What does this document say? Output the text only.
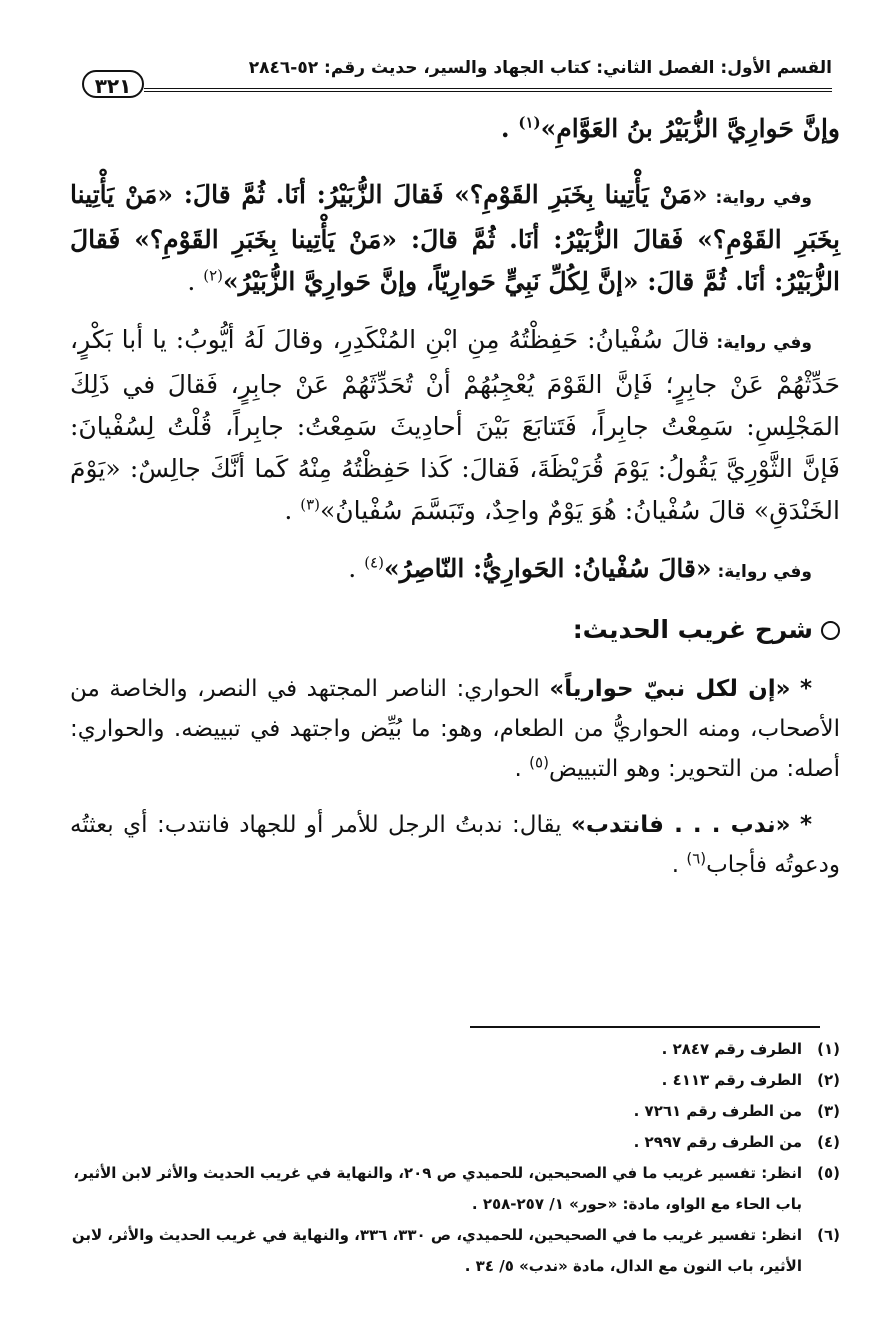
القسم الأول: الفصل الثاني: كتاب الجهاد والسير، حديث رقم: ٥٢-٢٨٤٦
٣٢١

وإنَّ حَوارِيَّ الزُّبَيْرُ بنُ العَوَّامِ»$^{(١)}$ .

وفي رواية: «مَنْ يَأْتِينا بِخَبَرِ القَوْمِ؟» فَقالَ الزُّبَيْرُ: أنَا. ثُمَّ قالَ: «مَنْ يَأْتِينا بِخَبَرِ القَوْمِ؟» فَقالَ الزُّبَيْرُ: أنَا. ثُمَّ قالَ: «مَنْ يَأْتِينا بِخَبَرِ القَوْمِ؟» فَقالَ الزُّبَيْرُ: أنَا. ثُمَّ قالَ: «إنَّ لِكُلِّ نَبِيٍّ حَوارِيّاً، وإنَّ حَوارِيَّ الزُّبَيْرُ»$^{(٢)}$ .

وفي رواية: قالَ سُفْيانُ: حَفِظْتُهُ مِنِ ابْنِ المُنْكَدِرِ، وقالَ لَهُ أيُّوبُ: يا أبا بَكْرٍ، حَدِّثْهُمْ عَنْ جابِرٍ؛ فَإنَّ القَوْمَ يُعْجِبُهُمْ أنْ تُحَدِّثَهُمْ عَنْ جابِرٍ، فَقالَ في ذَلِكَ المَجْلِسِ: سَمِعْتُ جابِراً، فَتَتابَعَ بَيْنَ أحادِيثَ سَمِعْتُ: جابِراً، قُلْتُ لِسُفْيانَ: فَإنَّ الثَّوْرِيَّ يَقُولُ: يَوْمَ قُرَيْظَةَ، فَقالَ: كَذا حَفِظْتُهُ مِنْهُ كَما أنَّكَ جالِسٌ: «يَوْمَ الخَنْدَقِ» قالَ سُفْيانُ: هُوَ يَوْمٌ واحِدٌ، وتَبَسَّمَ سُفْيانُ»$^{(٣)}$ .

وفي رواية: «قالَ سُفْيانُ: الحَوارِيُّ: النّاصِرُ»$^{(٤)}$ .

شرح غريب الحديث:

* «إن لكل نبيّ حوارياً» الحواري: الناصر المجتهد في النصر، والخاصة من الأصحاب، ومنه الحواريُّ من الطعام، وهو: ما بُيِّض واجتهد في تبييضه. والحواري: أصله: من التحوير: وهو التبييض$^{(٥)}$ .

* «ندب . . . فانتدب» يقال: ندبتُ الرجل للأمر أو للجهاد فانتدب: أي بعثتُه ودعوتُه فأجاب$^{(٦)}$ .

(١)
الطرف رقم ٢٨٤٧ .
(٢)
الطرف رقم ٤١١٣ .
(٣)
من الطرف رقم ٧٢٦١ .
(٤)
من الطرف رقم ٢٩٩٧ .
(٥)
انظر: تفسير غريب ما في الصحيحين، للحميدي ص ٢٠٩، والنهاية في غريب الحديث والأثر لابن الأثير، باب الحاء مع الواو، مادة: «حور» ١/ ٢٥٧-٢٥٨ .
(٦)
انظر: تفسير غريب ما في الصحيحين، للحميدي، ص ٣٣٠، ٣٣٦، والنهاية في غريب الحديث والأثر، لابن الأثير، باب النون مع الدال، مادة «ندب» ٥/ ٣٤ .
